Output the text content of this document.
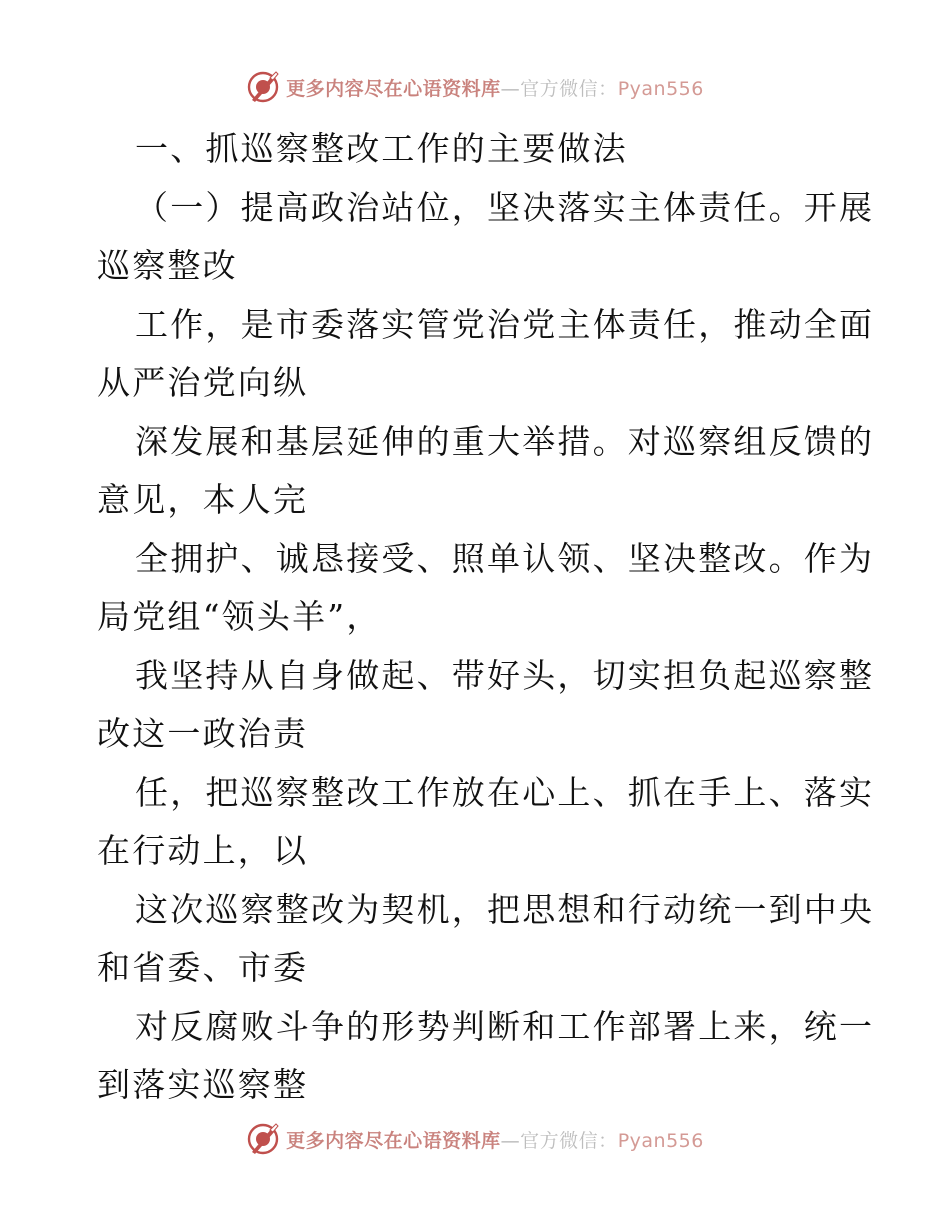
更多内容尽在心语资料库—官方微信：Pyan556
一、抓巡察整改工作的主要做法
（一）提高政治站位，坚决落实主体责任。开展
巡察整改
工作，是市委落实管党治党主体责任，推动全面
从严治党向纵
深发展和基层延伸的重大举措。对巡察组反馈的
意见，本人完
全拥护、诚恳接受、照单认领、坚决整改。作为
局党组“领头羊”，
我坚持从自身做起、带好头，切实担负起巡察整
改这一政治责
任，把巡察整改工作放在心上、抓在手上、落实
在行动上，以
这次巡察整改为契机，把思想和行动统一到中央
和省委、市委
对反腐败斗争的形势判断和工作部署上来，统一
到落实巡察整
更多内容尽在心语资料库—官方微信：Pyan556
